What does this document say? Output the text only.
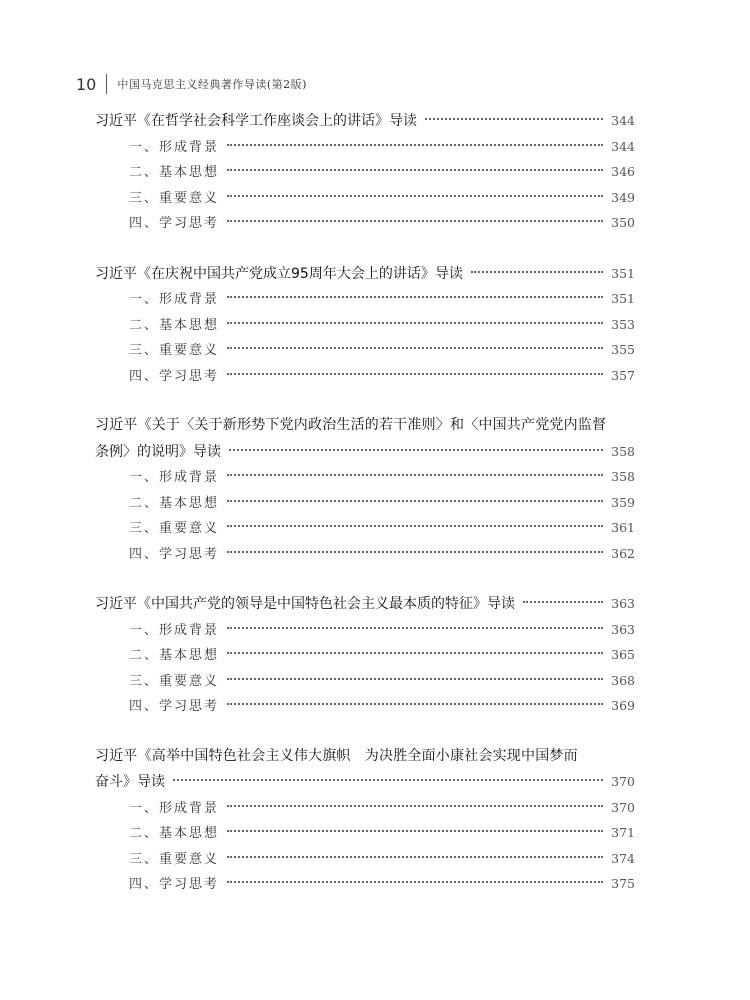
10 中国马克思主义经典著作导读(第2版)
习近平《在哲学社会科学工作座谈会上的讲话》导读	344
一、形成背景	344
二、基本思想	346
三、重要意义	349
四、学习思考	350
习近平《在庆祝中国共产党成立95周年大会上的讲话》导读	351
一、形成背景	351
二、基本思想	353
三、重要意义	355
四、学习思考	357
习近平《关于〈关于新形势下党内政治生活的若干准则〉和〈中国共产党党内监督
条例〉的说明》导读	358
一、形成背景	358
二、基本思想	359
三、重要意义	361
四、学习思考	362
习近平《中国共产党的领导是中国特色社会主义最本质的特征》导读	363
一、形成背景	363
二、基本思想	365
三、重要意义	368
四、学习思考	369
习近平《高举中国特色社会主义伟大旗帜　为决胜全面小康社会实现中国梦而
奋斗》导读	370
一、形成背景	370
二、基本思想	371
三、重要意义	374
四、学习思考	375
